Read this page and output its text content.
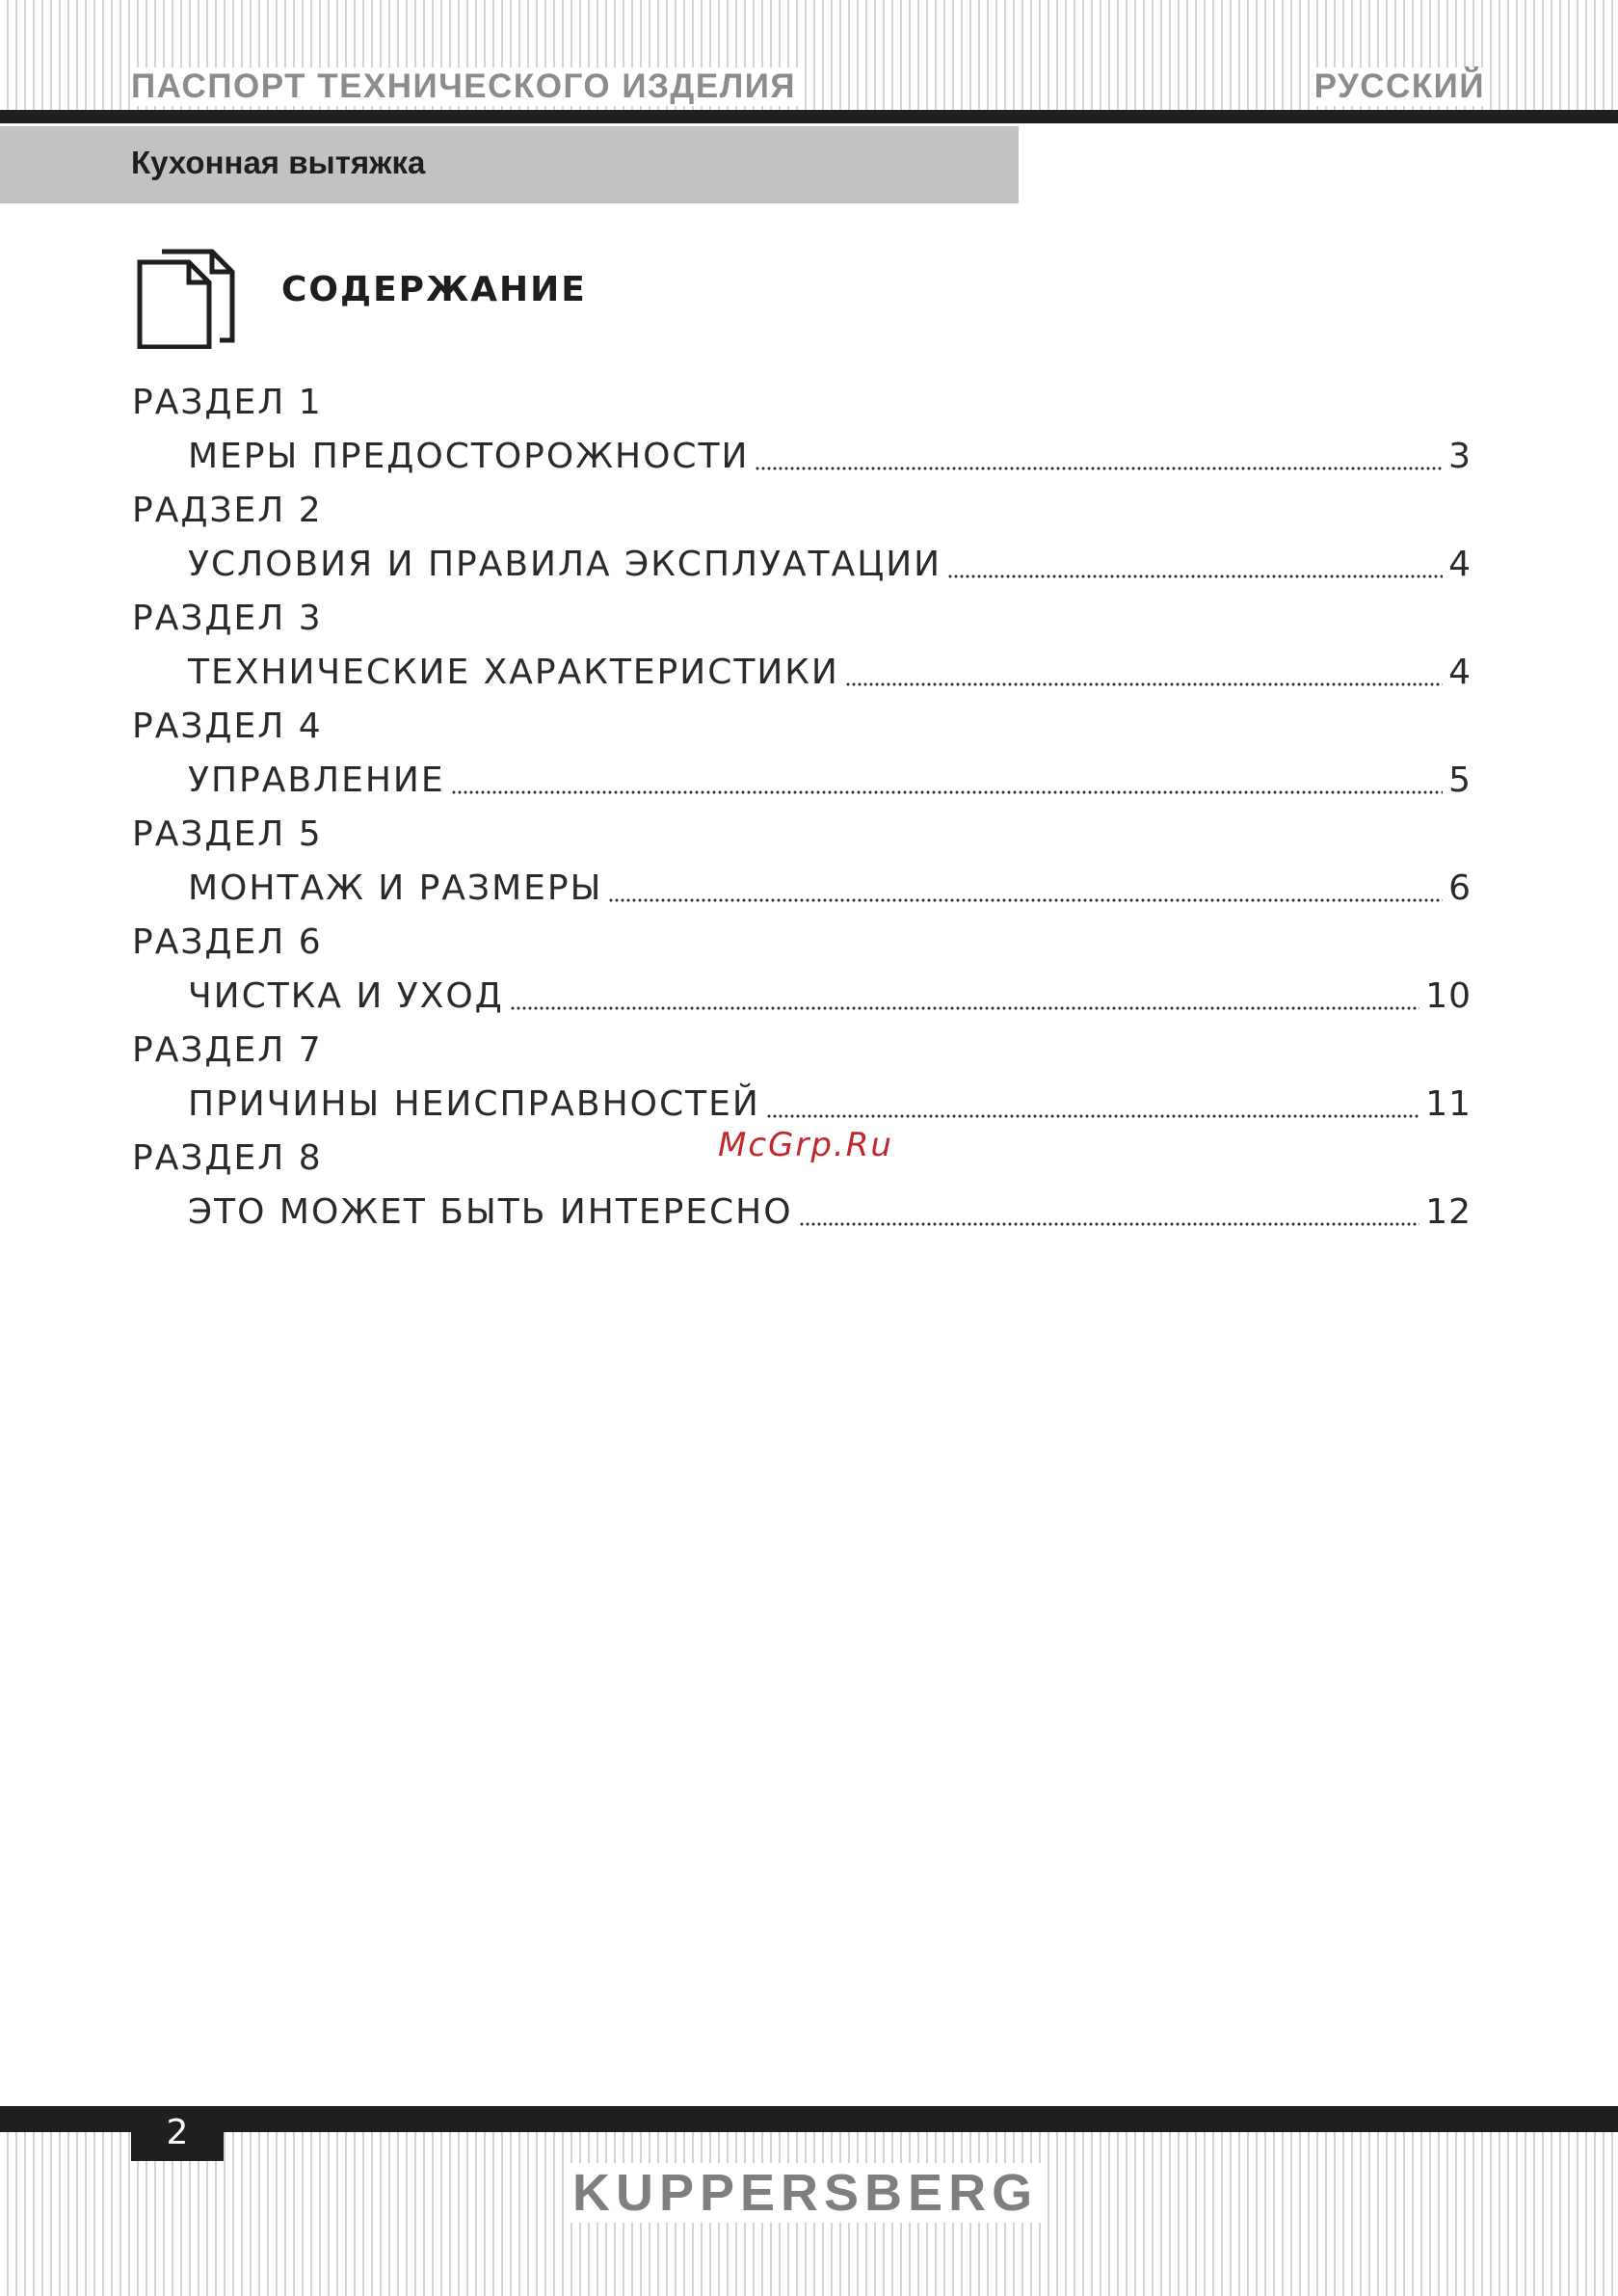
ПАСПОРТ ТЕХНИЧЕСКОГО ИЗДЕЛИЯ	РУССКИЙ
Кухонная вытяжка
СОДЕРЖАНИЕ
РАЗДЕЛ 1
МЕРЫ ПРЕДОСТОРОЖНОСТИ	3
РАДЗЕЛ 2
УСЛОВИЯ И ПРАВИЛА ЭКСПЛУАТАЦИИ	4
РАЗДЕЛ 3
ТЕХНИЧЕСКИЕ ХАРАКТЕРИСТИКИ	4
РАЗДЕЛ 4
УПРАВЛЕНИЕ	5
РАЗДЕЛ 5
МОНТАЖ И РАЗМЕРЫ	6
РАЗДЕЛ 6
ЧИСТКА И УХОД	10
РАЗДЕЛ 7
ПРИЧИНЫ НЕИСПРАВНОСТЕЙ	11
РАЗДЕЛ 8
ЭТО МОЖЕТ БЫТЬ ИНТЕРЕСНО	12
McGrp.Ru
2
KUPPERSBERG
